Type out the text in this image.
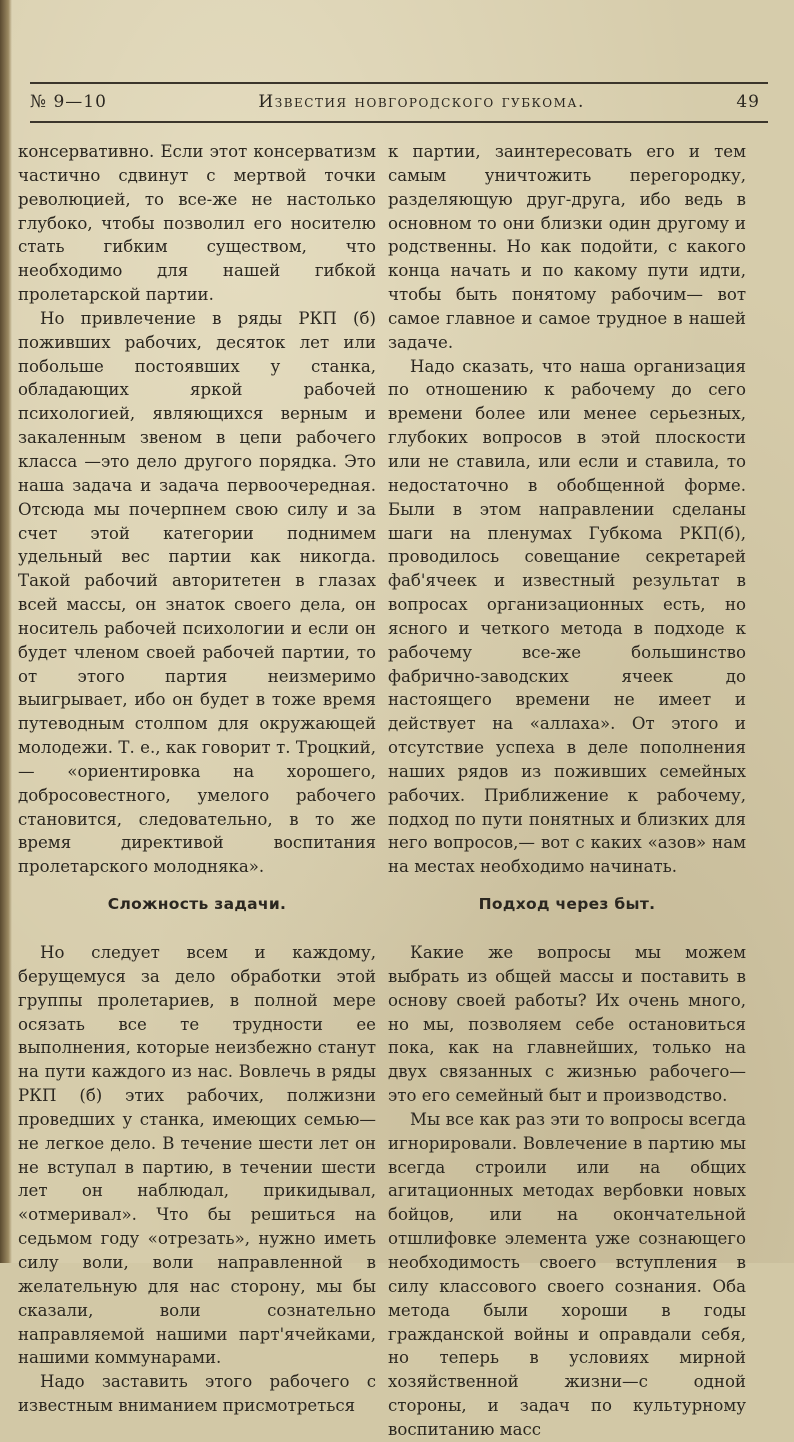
№ 9—10	Известия новгородского губкома.	49

консервативно. Если этот консерватизм частично сдвинут с мертвой точки революцией, то все-же не настолько глубоко, чтобы позволил его носителю стать гибким существом, что необходимо для нашей гибкой пролетарской партии.

Но привлечение в ряды РКП (б) поживших рабочих, десяток лет или побольше постоявших у станка, обладающих яркой рабочей психологией, являющихся верным и закаленным звеном в цепи рабочего класса —это дело другого порядка. Это наша задача и задача первоочередная. Отсюда мы почерпнем свою силу и за счет этой категории поднимем удельный вес партии как никогда. Такой рабочий авторитетен в глазах всей массы, он знаток своего дела, он носитель рабочей психологии и если он будет членом своей рабочей партии, то от этого партия неизмеримо выигрывает, ибо он будет в тоже время путеводным столпом для окружающей молодежи. Т. е., как говорит т. Троцкий,— «ориентировка на хорошего, добросовестного, умелого рабочего становится, следовательно, в то же время директивой воспитания пролетарского молодняка».

Сложность задачи.

Но следует всем и каждому, берущемуся за дело обработки этой группы пролетариев, в полной мере осязать все те трудности ее выполнения, которые неизбежно станут на пути каждого из нас. Вовлечь в ряды РКП (б) этих рабочих, полжизни проведших у станка, имеющих семью—не легкое дело. В течение шести лет он не вступал в партию, в течении шести лет он наблюдал, прикидывал, «отмеривал». Что бы решиться на седьмом году «отрезать», нужно иметь силу воли, воли направленной в желательную для нас сторону, мы бы сказали, воли сознательно направляемой нашими парт'ячейками, нашими коммунарами.

Надо заставить этого рабочего с известным вниманием присмотреться

к партии, заинтересовать его и тем самым уничтожить перегородку, разделяющую друг-друга, ибо ведь в основном то они близки один другому и родственны. Но как подойти, с какого конца начать и по какому пути идти, чтобы быть понятому рабочим— вот самое главное и самое трудное в нашей задаче.

Надо сказать, что наша организация по отношению к рабочему до сего времени более или менее серьезных, глубоких вопросов в этой плоскости или не ставила, или если и ставила, то недостаточно в обобщенной форме. Были в этом направлении сделаны шаги на пленумах Губкома РКП(б), проводилось совещание секретарей фаб'ячеек и известный результат в вопросах организационных есть, но ясного и четкого метода в подходе к рабочему все-же большинство фабрично-заводских ячеек до настоящего времени не имеет и действует на «аллаха». От этого и отсутствие успеха в деле пополнения наших рядов из поживших семейных рабочих. Приближение к рабочему, подход по пути понятных и близких для него вопросов,— вот с каких «азов» нам на местах необходимо начинать.

Подход через быт.

Какие же вопросы мы можем выбрать из общей массы и поставить в основу своей работы? Их очень много, но мы, позволяем себе остановиться пока, как на главнейших, только на двух связанных с жизнью рабочего— это его семейный быт и производство.

Мы все как раз эти то вопросы всегда игнорировали. Вовлечение в партию мы всегда строили или на общих агитационных методах вербовки новых бойцов, или на окончательной отшлифовке элемента уже сознающего необходимость своего вступления в силу классового своего сознания. Оба метода были хороши в годы гражданской войны и оправдали себя, но теперь в условиях мирной хозяйственной жизни—с одной стороны, и задач по культурному воспитанию масс
